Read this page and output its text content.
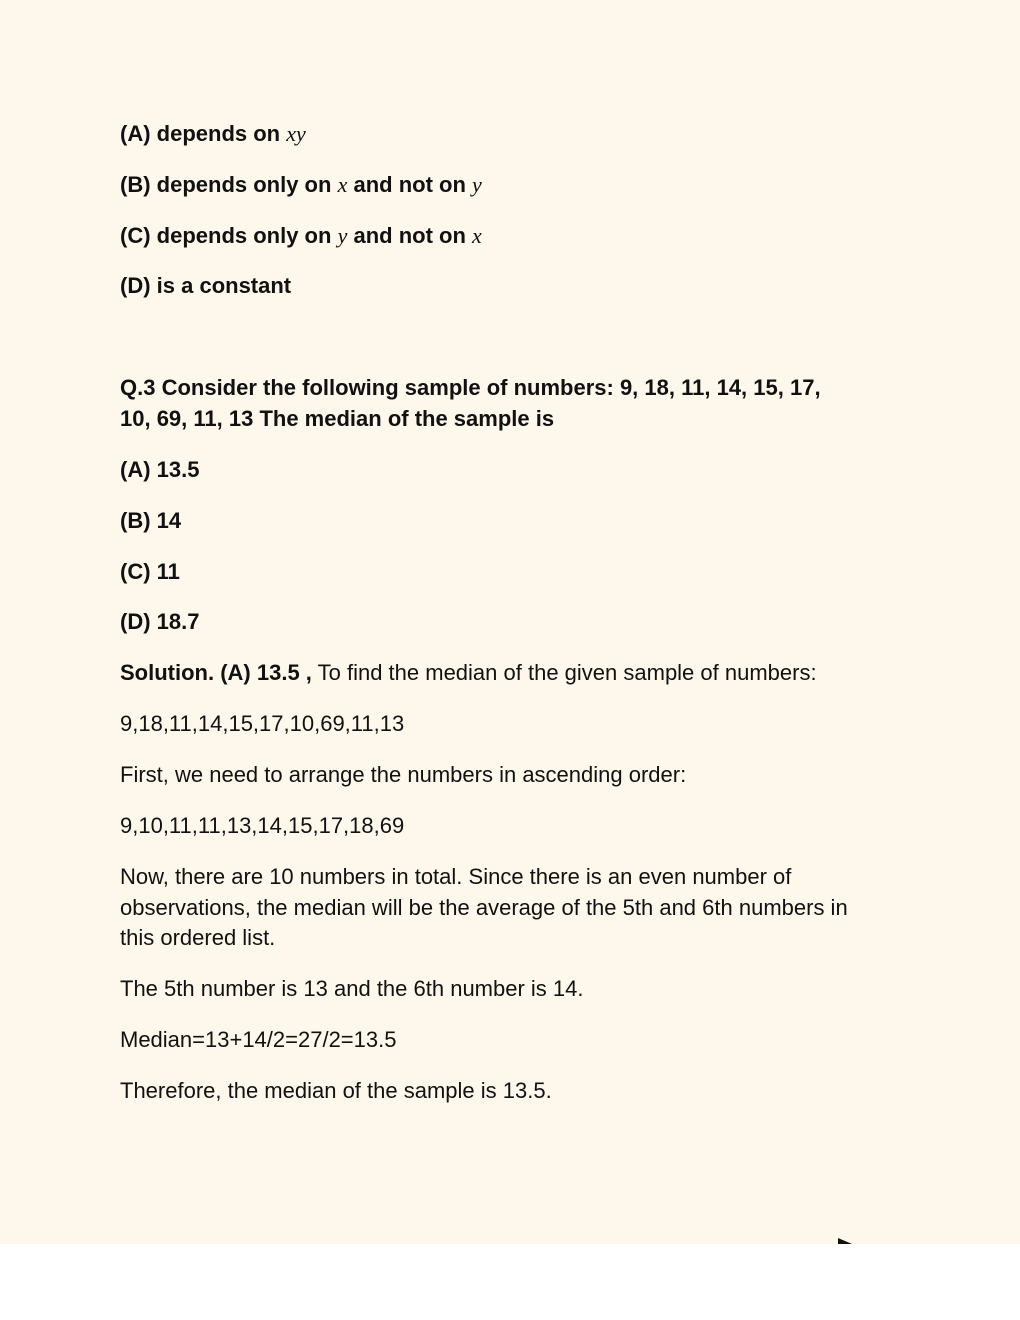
(A) depends on xy

(B) depends only on x and not on y

(C) depends only on y and not on x

(D) is a constant

Q.3 Consider the following sample of numbers: 9, 18, 11, 14, 15, 17,

10, 69, 11, 13 The median of the sample is

(A) 13.5

(B) 14

(C) 11

(D) 18.7

Solution. (A) 13.5 , To find the median of the given sample of numbers:

9,18,11,14,15,17,10,69,11,13

First, we need to arrange the numbers in ascending order:

9,10,11,11,13,14,15,17,18,69

Now, there are 10 numbers in total. Since there is an even number of

observations, the median will be the average of the 5th and 6th numbers in

this ordered list.

The 5th number is 13 and the 6th number is 14.

Median=13+14/2=27/2=13.5

Therefore, the median of the sample is 13.5.
